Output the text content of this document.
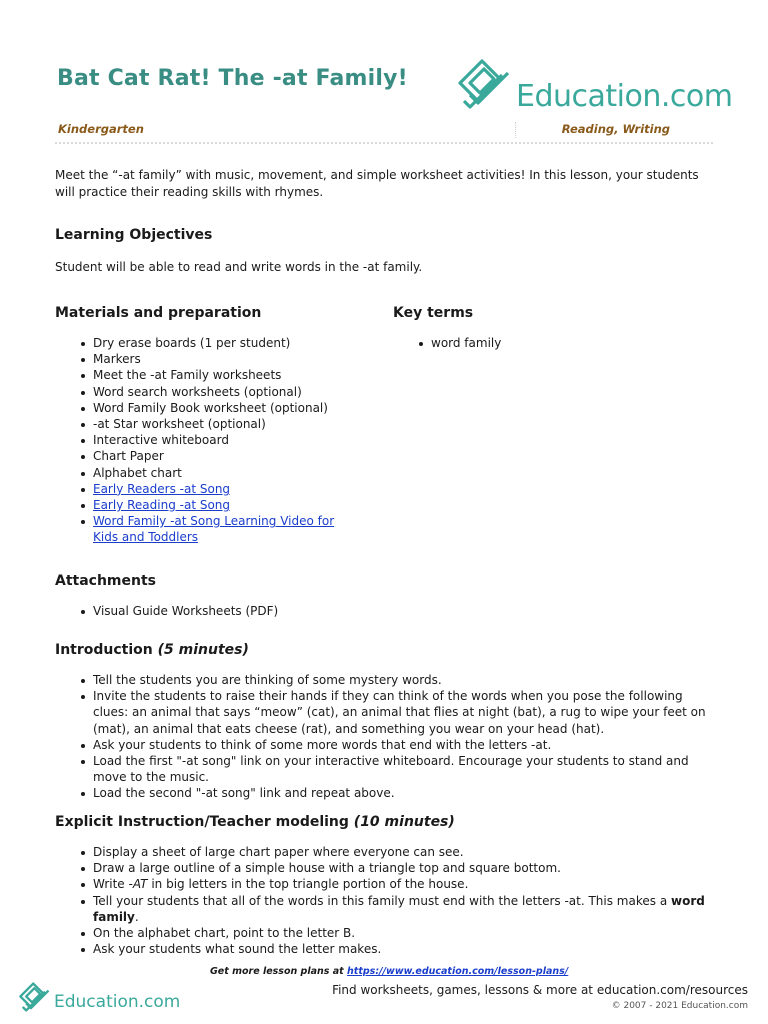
Bat Cat Rat! The -at Family!
Education.com
Kindergarten	Reading, Writing

Meet the “-at family” with music, movement, and simple worksheet activities! In this lesson, your students will practice their reading skills with rhymes.

Learning Objectives

Student will be able to read and write words in the -at family.

Materials and preparation
Dry erase boards (1 per student)
Markers
Meet the -at Family worksheets
Word search worksheets (optional)
Word Family Book worksheet (optional)
-at Star worksheet (optional)
Interactive whiteboard
Chart Paper
Alphabet chart
Early Readers -at Song
Early Reading -at Song
Word Family -at Song Learning Video for Kids and Toddlers
Key terms
word family
Attachments
Visual Guide Worksheets (PDF)
Introduction (5 minutes)
Tell the students you are thinking of some mystery words.
Invite the students to raise their hands if they can think of the words when you pose the following clues: an animal that says “meow” (cat), an animal that flies at night (bat), a rug to wipe your feet on (mat), an animal that eats cheese (rat), and something you wear on your head (hat).
Ask your students to think of some more words that end with the letters -at.
Load the first "-at song" link on your interactive whiteboard. Encourage your students to stand and move to the music.
Load the second "-at song" link and repeat above.
Explicit Instruction/Teacher modeling (10 minutes)
Display a sheet of large chart paper where everyone can see.
Draw a large outline of a simple house with a triangle top and square bottom.
Write -AT in big letters in the top triangle portion of the house.
Tell your students that all of the words in this family must end with the letters -at. This makes a word family.
On the alphabet chart, point to the letter B.
Ask your students what sound the letter makes.
Get more lesson plans at https://www.education.com/lesson-plans/
Education.com
Find worksheets, games, lessons & more at education.com/resources
© 2007 - 2021 Education.com
